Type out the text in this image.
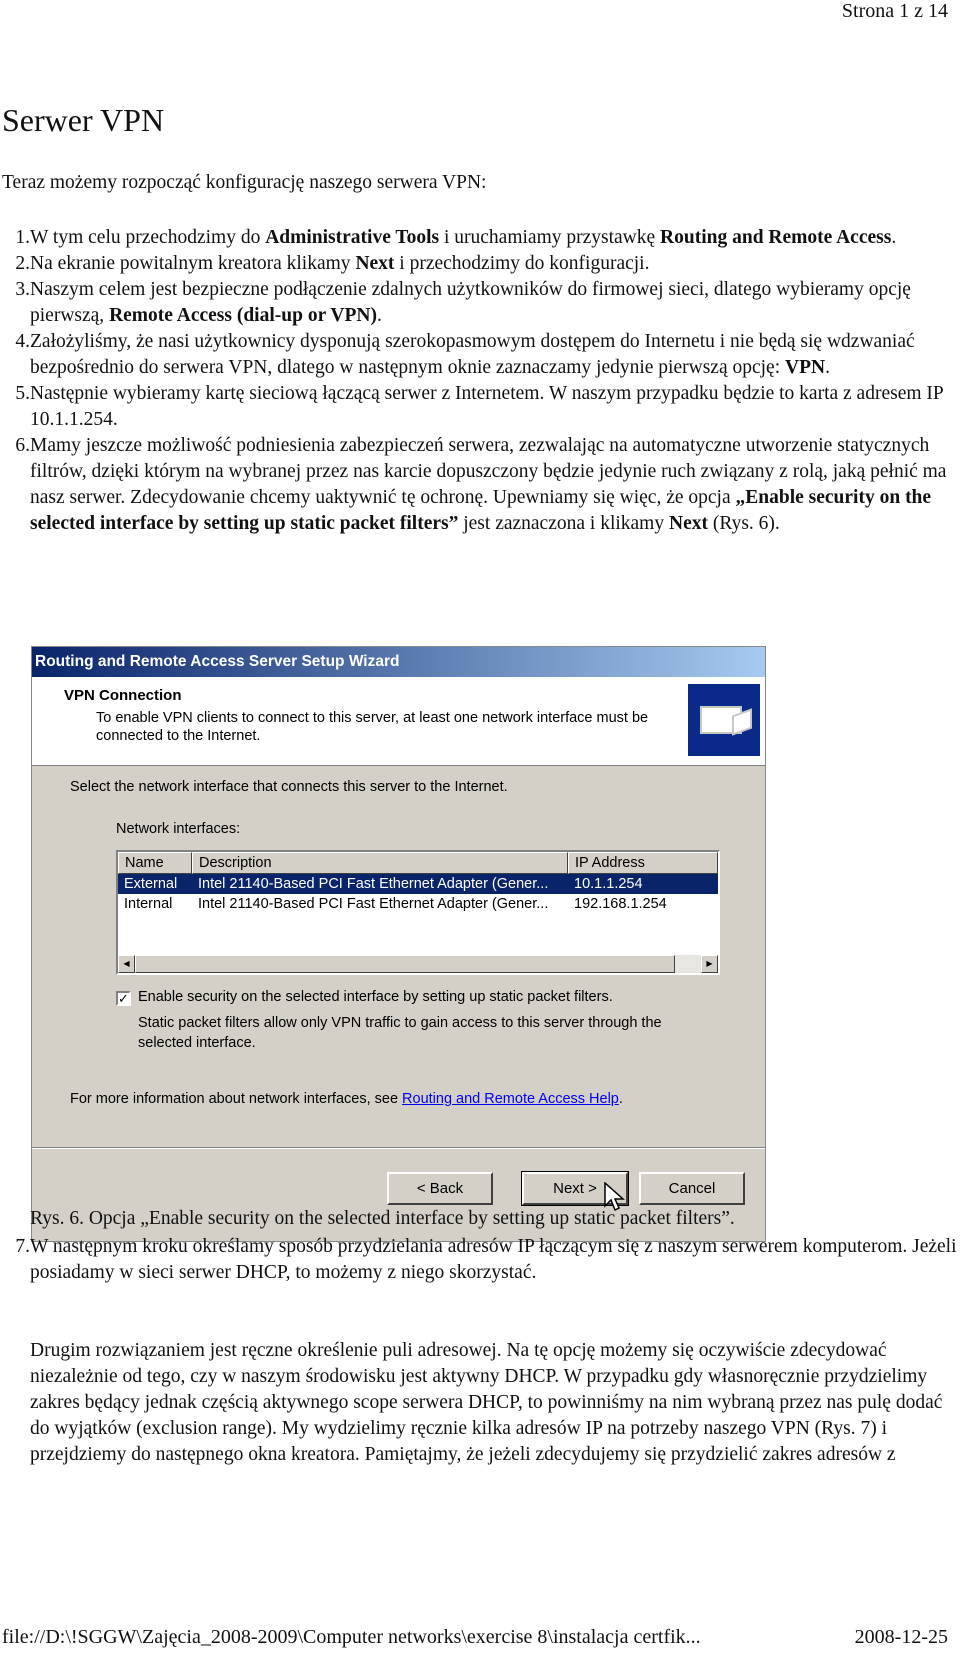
Strona 1 z 14
Serwer VPN
Teraz możemy rozpocząć konfigurację naszego serwera VPN:
1. W tym celu przechodzimy do Administrative Tools i uruchamiamy przystawkę Routing and Remote Access.
2. Na ekranie powitalnym kreatora klikamy Next i przechodzimy do konfiguracji.
3. Naszym celem jest bezpieczne podłączenie zdalnych użytkowników do firmowej sieci, dlatego wybieramy opcję pierwszą, Remote Access (dial-up or VPN).
4. Założyliśmy, że nasi użytkownicy dysponują szerokopasmowym dostępem do Internetu i nie będą się wdzwaniać bezpośrednio do serwera VPN, dlatego w następnym oknie zaznaczamy jedynie pierwszą opcję: VPN.
5. Następnie wybieramy kartę sieciową łączącą serwer z Internetem. W naszym przypadku będzie to karta z adresem IP 10.1.1.254.
6. Mamy jeszcze możliwość podniesienia zabezpieczeń serwera, zezwalając na automatyczne utworzenie statycznych filtrów, dzięki którym na wybranej przez nas karcie dopuszczony będzie jedynie ruch związany z rolą, jaką pełnić ma nasz serwer. Zdecydowanie chcemy uaktywnić tę ochronę. Upewniamy się więc, że opcja „Enable security on the selected interface by setting up static packet filters” jest zaznaczona i klikamy Next (Rys. 6).
Routing and Remote Access Server Setup Wizard
VPN Connection
To enable VPN clients to connect to this server, at least one network interface must be connected to the Internet.
Select the network interface that connects this server to the Internet.
Network interfaces:
Name	Description	IP Address
External	Intel 21140-Based PCI Fast Ethernet Adapter (Gener...	10.1.1.254
Internal	Intel 21140-Based PCI Fast Ethernet Adapter (Gener...	192.168.1.254
◀	▶
✓ Enable security on the selected interface by setting up static packet filters.
Static packet filters allow only VPN traffic to gain access to this server through the selected interface.
For more information about network interfaces, see Routing and Remote Access Help.
< Back	Next >	Cancel
Rys. 6. Opcja „Enable security on the selected interface by setting up static packet filters”.
7. W następnym kroku określamy sposób przydzielania adresów IP łączącym się z naszym serwerem komputerom. Jeżeli posiadamy w sieci serwer DHCP, to możemy z niego skorzystać.
Drugim rozwiązaniem jest ręczne określenie puli adresowej. Na tę opcję możemy się oczywiście zdecydować niezależnie od tego, czy w naszym środowisku jest aktywny DHCP. W przypadku gdy własnoręcznie przydzielimy zakres będący jednak częścią aktywnego scope serwera DHCP, to powinniśmy na nim wybraną przez nas pulę dodać do wyjątków (exclusion range). My wydzielimy ręcznie kilka adresów IP na potrzeby naszego VPN (Rys. 7) i przejdziemy do następnego okna kreatora. Pamiętajmy, że jeżeli zdecydujemy się przydzielić zakres adresów z
file://D:\!SGGW\Zajęcia_2008-2009\Computer networks\exercise 8\instalacja certfik...	2008-12-25
